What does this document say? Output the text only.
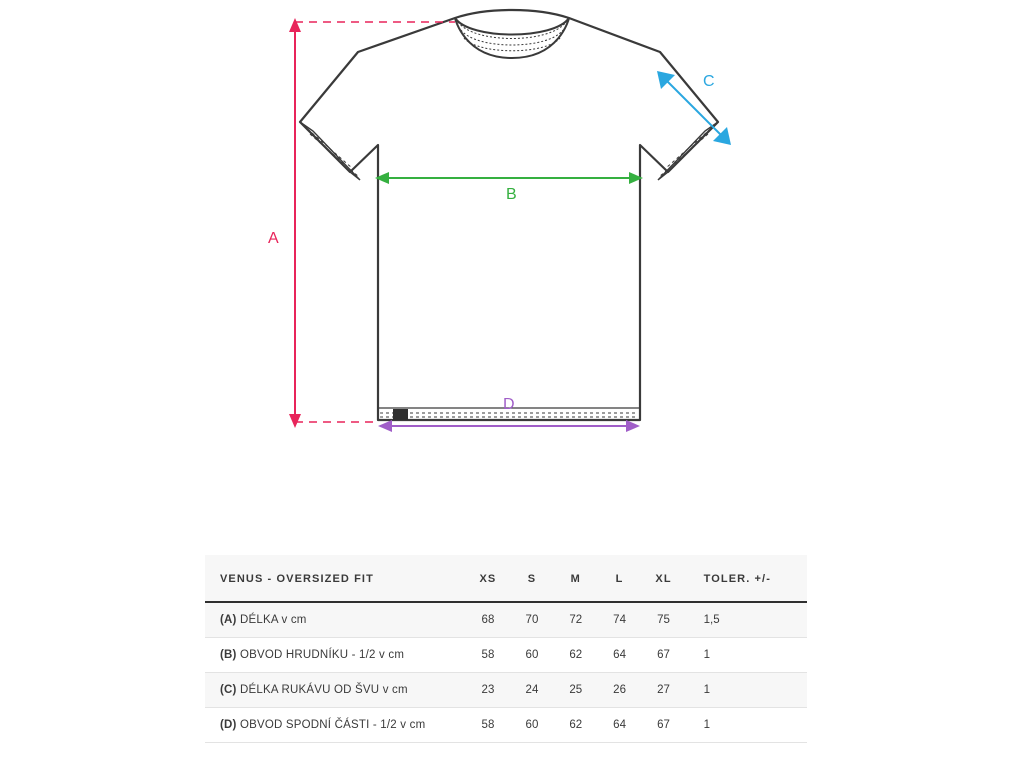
A
B
C
D
VENUS - OVERSIZED FIT	XS	S	M	L	XL	TOLER. +/-
(A) DÉLKA v cm	68	70	72	74	75	1,5
(B) OBVOD HRUDNÍKU - 1/2 v cm	58	60	62	64	67	1
(C) DÉLKA RUKÁVU OD ŠVU v cm	23	24	25	26	27	1
(D) OBVOD SPODNÍ ČÁSTI - 1/2 v cm	58	60	62	64	67	1
